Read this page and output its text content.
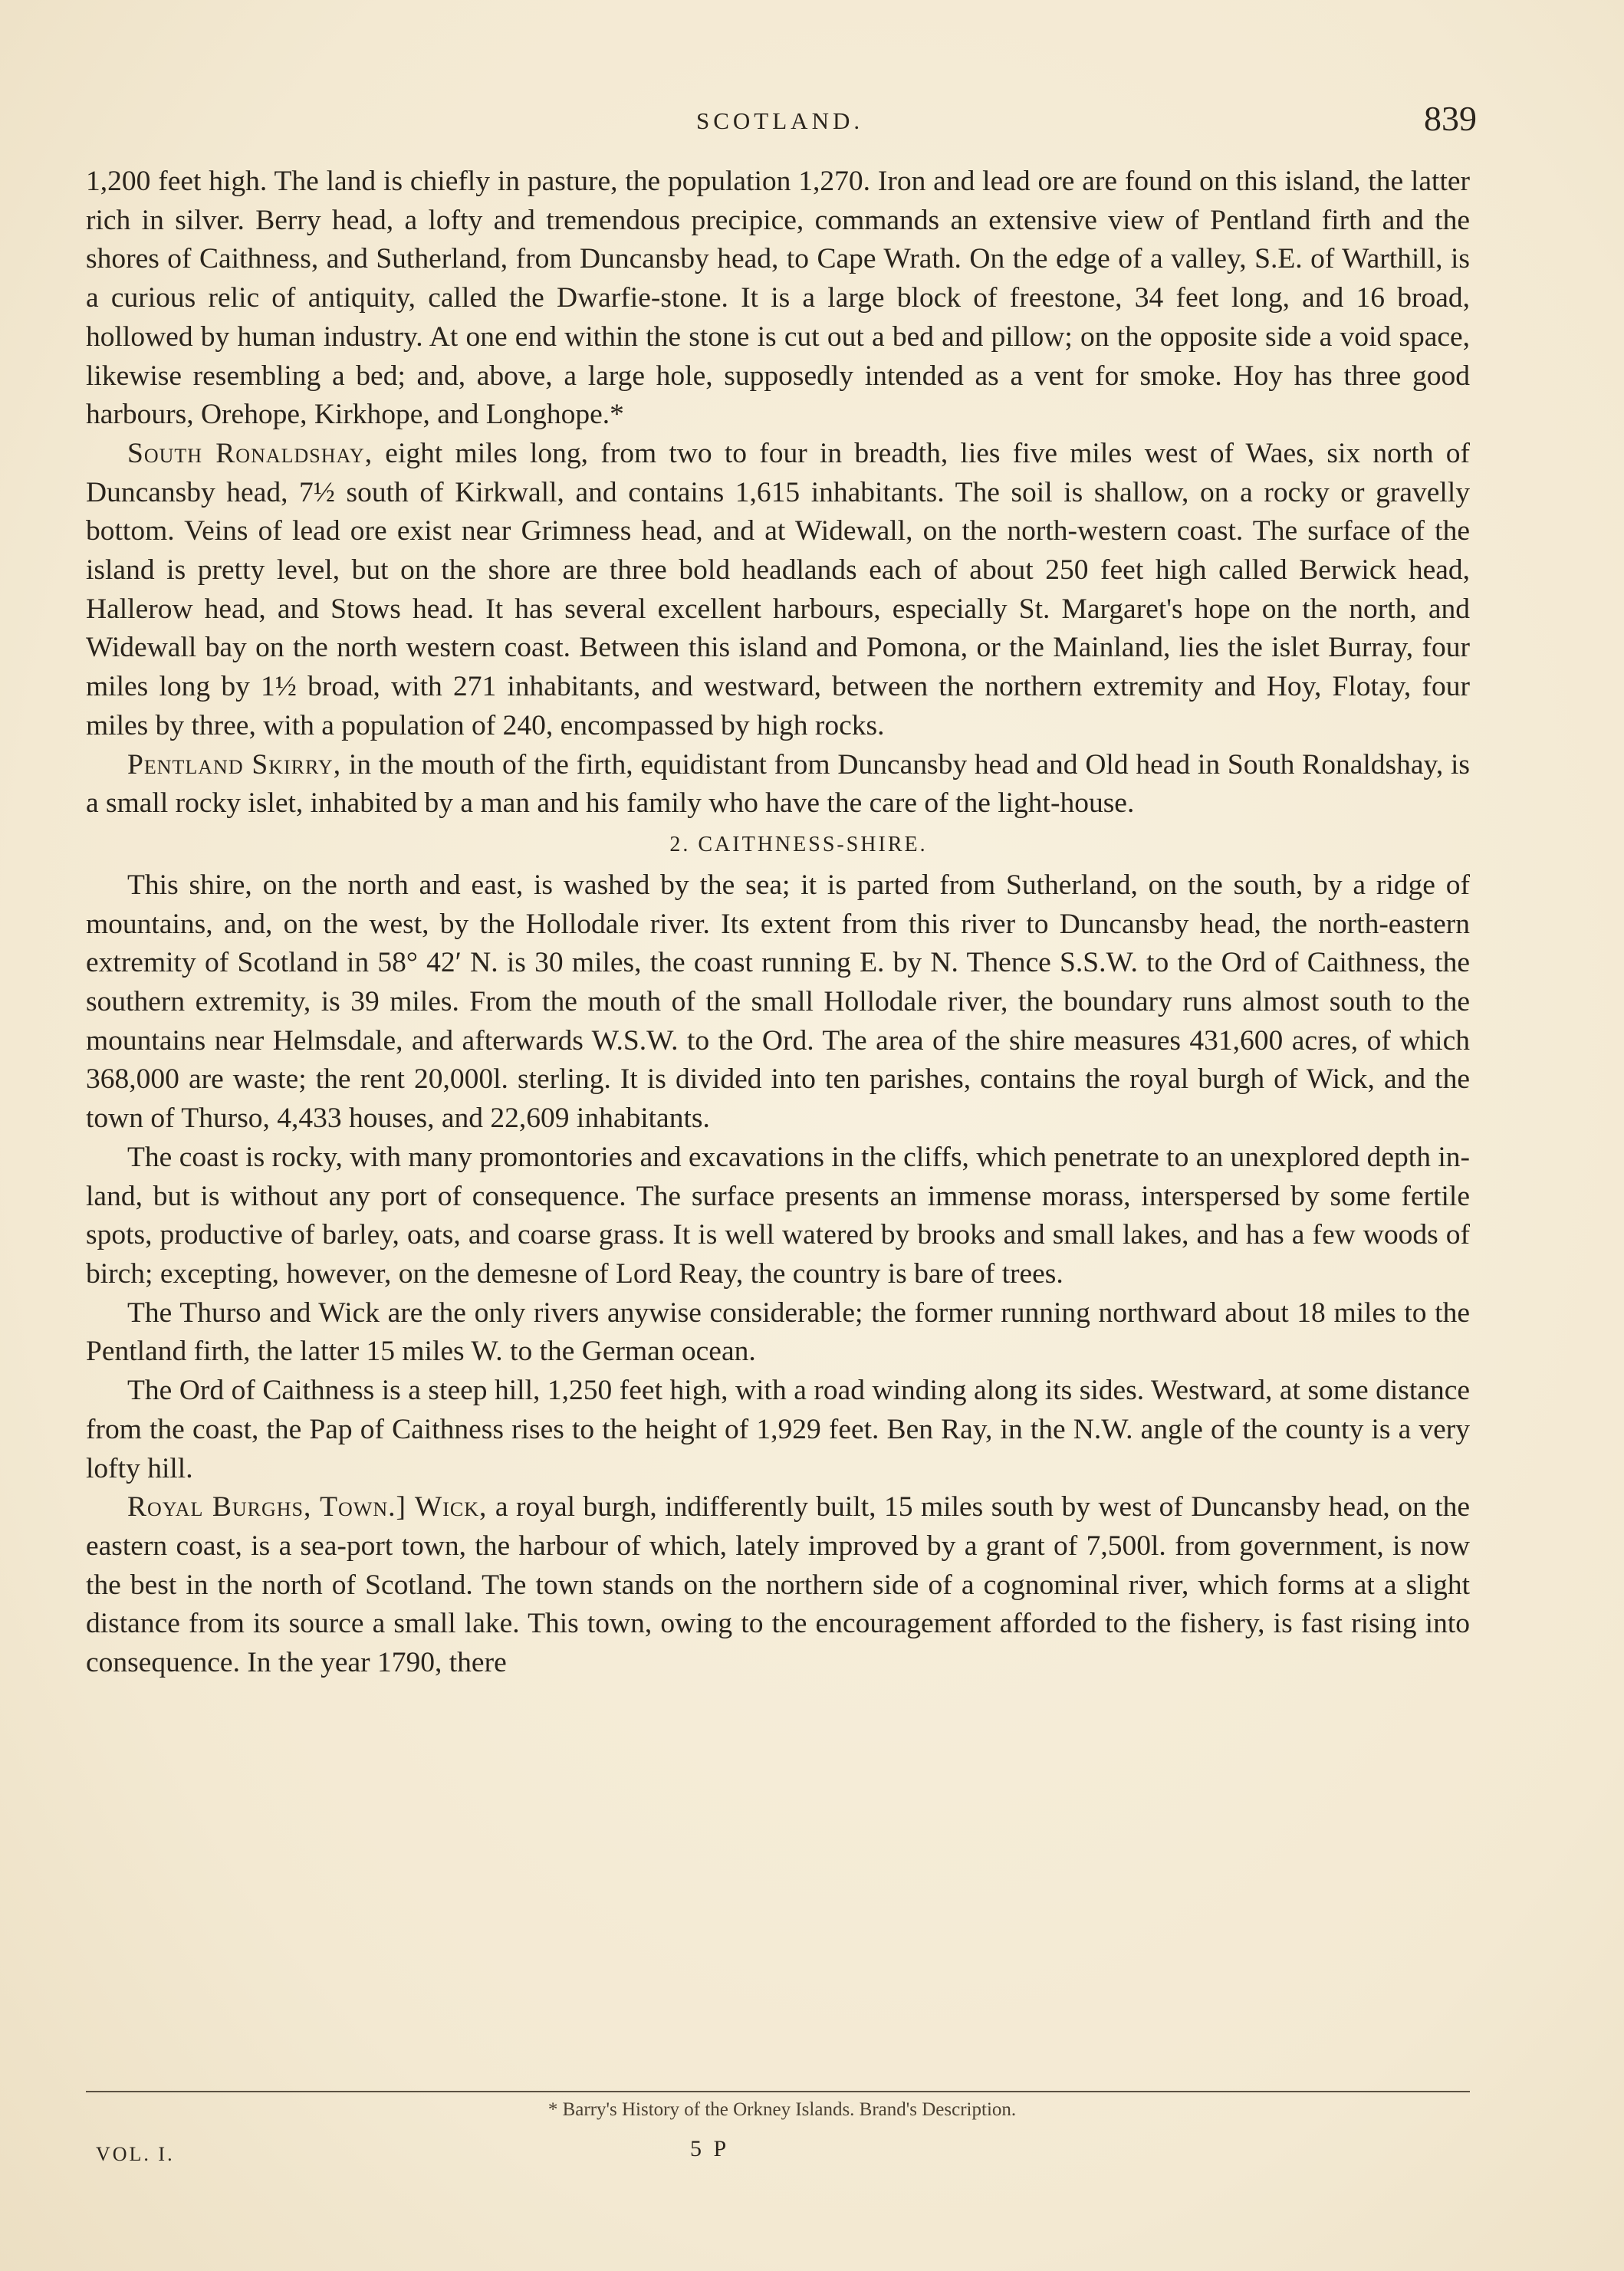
SCOTLAND.	839

1,200 feet high. The land is chiefly in pasture, the population 1,270. Iron and lead ore are found on this island, the latter rich in silver. Berry head, a lofty and tremendous precipice, commands an extensive view of Pentland firth and the shores of Caithness, and Sutherland, from Duncansby head, to Cape Wrath. On the edge of a valley, S.E. of Warthill, is a curious relic of antiquity, called the Dwarfie-stone. It is a large block of freestone, 34 feet long, and 16 broad, hollowed by human industry. At one end within the stone is cut out a bed and pillow; on the opposite side a void space, likewise resembling a bed; and, above, a large hole, supposedly intended as a vent for smoke. Hoy has three good harbours, Orehope, Kirkhope, and Longhope.*

South Ronaldshay, eight miles long, from two to four in breadth, lies five miles west of Waes, six north of Duncansby head, 7½ south of Kirkwall, and contains 1,615 inhabitants. The soil is shallow, on a rocky or gravelly bottom. Veins of lead ore exist near Grimness head, and at Widewall, on the north-western coast. The surface of the island is pretty level, but on the shore are three bold headlands each of about 250 feet high called Berwick head, Hallerow head, and Stows head. It has several excellent harbours, especially St. Margaret's hope on the north, and Widewall bay on the north western coast. Between this island and Pomona, or the Mainland, lies the islet Burray, four miles long by 1½ broad, with 271 inhabitants, and westward, between the northern extremity and Hoy, Flotay, four miles by three, with a population of 240, encompassed by high rocks.

Pentland Skirry, in the mouth of the firth, equidistant from Duncansby head and Old head in South Ronaldshay, is a small rocky islet, inhabited by a man and his family who have the care of the light-house.

2. CAITHNESS-SHIRE.

This shire, on the north and east, is washed by the sea; it is parted from Sutherland, on the south, by a ridge of mountains, and, on the west, by the Hollodale river. Its extent from this river to Duncansby head, the north-eastern extremity of Scotland in 58° 42′ N. is 30 miles, the coast running E. by N. Thence S.S.W. to the Ord of Caithness, the southern extremity, is 39 miles. From the mouth of the small Hollodale river, the boundary runs almost south to the mountains near Helmsdale, and afterwards W.S.W. to the Ord. The area of the shire measures 431,600 acres, of which 368,000 are waste; the rent 20,000l. sterling. It is divided into ten parishes, contains the royal burgh of Wick, and the town of Thurso, 4,433 houses, and 22,609 inhabitants.

The coast is rocky, with many promontories and excavations in the cliffs, which penetrate to an unexplored depth in-land, but is without any port of consequence. The surface presents an immense morass, interspersed by some fertile spots, productive of barley, oats, and coarse grass. It is well watered by brooks and small lakes, and has a few woods of birch; excepting, however, on the demesne of Lord Reay, the country is bare of trees.

The Thurso and Wick are the only rivers anywise considerable; the former running northward about 18 miles to the Pentland firth, the latter 15 miles W. to the German ocean.

The Ord of Caithness is a steep hill, 1,250 feet high, with a road winding along its sides. Westward, at some distance from the coast, the Pap of Caithness rises to the height of 1,929 feet. Ben Ray, in the N.W. angle of the county is a very lofty hill.

Royal Burghs, Town.] Wick, a royal burgh, indifferently built, 15 miles south by west of Duncansby head, on the eastern coast, is a sea-port town, the harbour of which, lately improved by a grant of 7,500l. from government, is now the best in the north of Scotland. The town stands on the northern side of a cognominal river, which forms at a slight distance from its source a small lake. This town, owing to the encouragement afforded to the fishery, is fast rising into consequence. In the year 1790, there

* Barry's History of the Orkney Islands. Brand's Description.
VOL. I.	5 P
